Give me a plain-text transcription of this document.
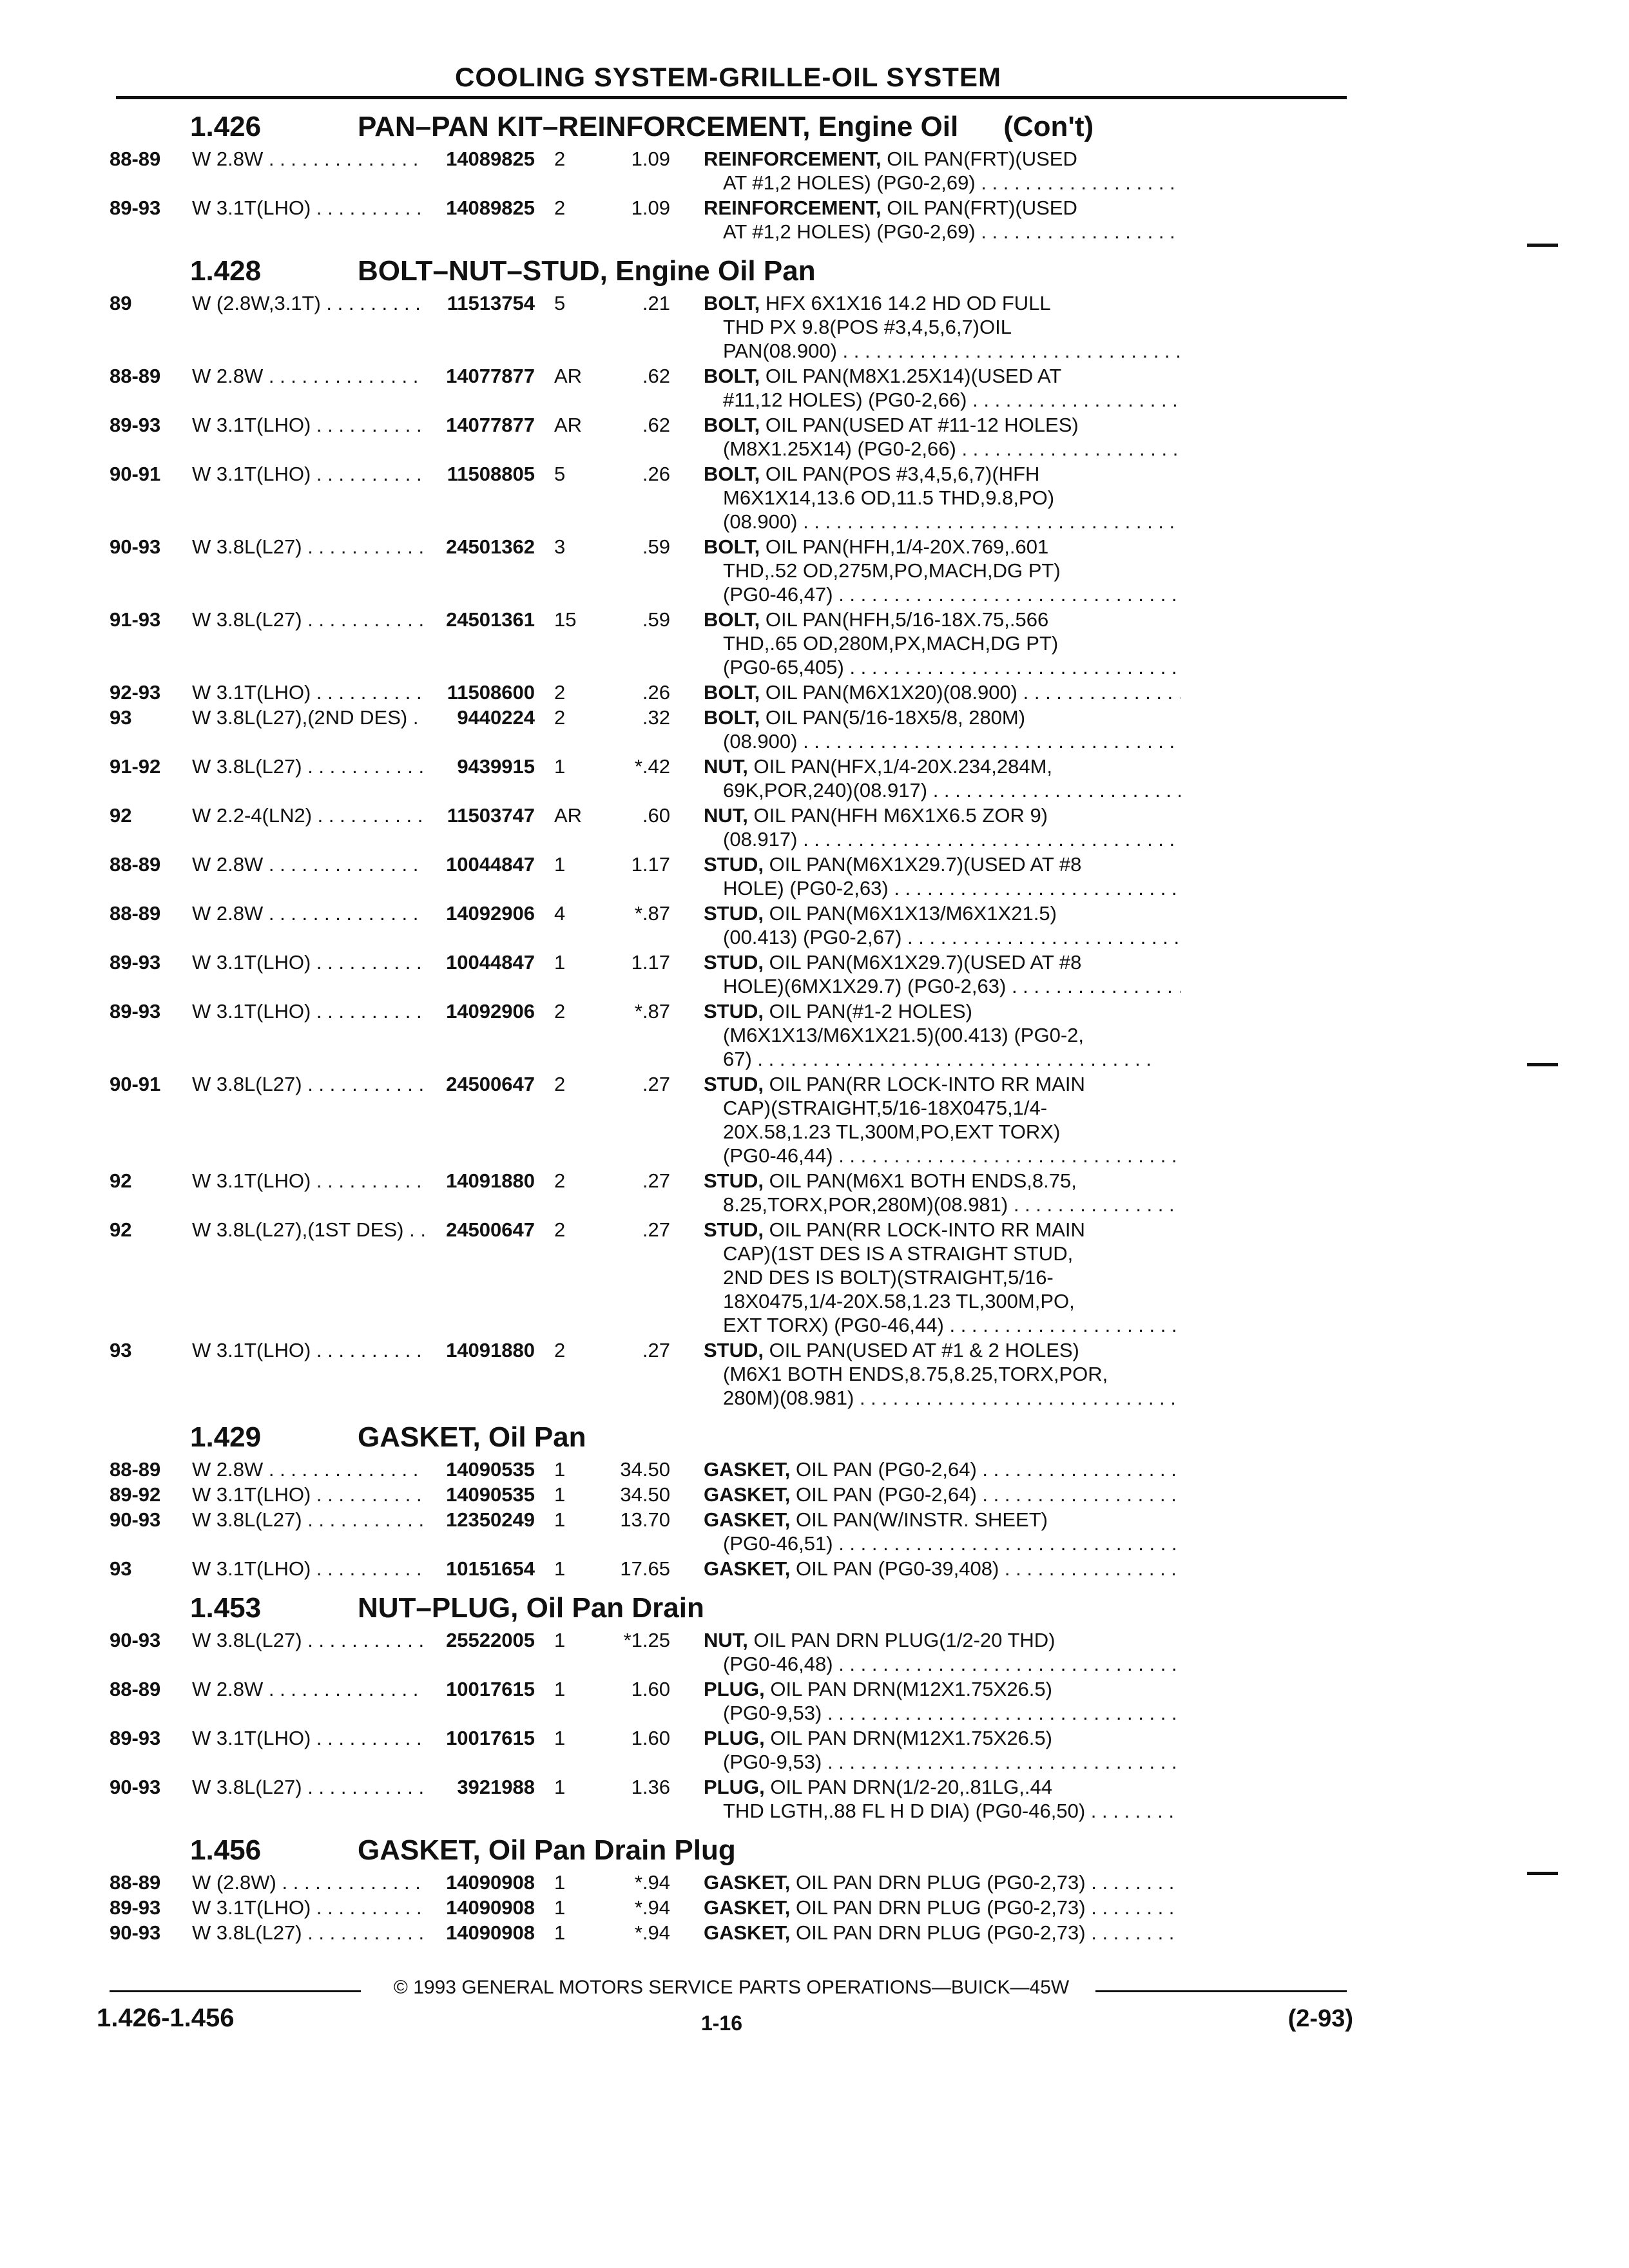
COOLING SYSTEM-GRILLE-OIL SYSTEM
1.426	PAN–PAN KIT–REINFORCEMENT, Engine Oil (Con't)
88-89	W 2.8W . . .	14089825 2	1.09 REINFORCEMENT, OIL PAN(FRT)(USED
AT #1,2 HOLES) (PG0-2,69) . . .
89-93	W 3.1T(LHO) . . .	14089825 2	1.09 REINFORCEMENT, OIL PAN(FRT)(USED
AT #1,2 HOLES) (PG0-2,69) . . .
1.428	BOLT–NUT–STUD, Engine Oil Pan
89	W (2.8W,3.1T) . . .	11513754 5	.21 BOLT, HFX 6X1X16 14.2 HD OD FULL
THD PX 9.8(POS #3,4,5,6,7)OIL
PAN(08.900) . . .
88-89	W 2.8W . . .	14077877 AR	.62 BOLT, OIL PAN(M8X1.25X14)(USED AT
#11,12 HOLES) (PG0-2,66) . . .
89-93	W 3.1T(LHO) . . .	14077877 AR	.62 BOLT, OIL PAN(USED AT #11-12 HOLES)
(M8X1.25X14) (PG0-2,66) . . .
90-91	W 3.1T(LHO) . . .	11508805 5	.26 BOLT, OIL PAN(POS #3,4,5,6,7)(HFH
M6X1X14,13.6 OD,11.5 THD,9.8,PO)
(08.900) . . .
90-93	W 3.8L(L27) . . .	24501362 3	.59 BOLT, OIL PAN(HFH,1/4-20X.769,.601
THD,.52 OD,275M,PO,MACH,DG PT)
(PG0-46,47) . . .
91-93	W 3.8L(L27) . . .	24501361 15	.59 BOLT, OIL PAN(HFH,5/16-18X.75,.566
THD,.65 OD,280M,PX,MACH,DG PT)
(PG0-65,405) . . .
92-93	W 3.1T(LHO) . . .	11508600 2	.26 BOLT, OIL PAN(M6X1X20)(08.900) . . .
93	W 3.8L(L27),(2ND DES) . . .	9440224 2	.32 BOLT, OIL PAN(5/16-18X5/8, 280M)
(08.900) . . .
91-92	W 3.8L(L27) . . .	9439915 1	*.42 NUT, OIL PAN(HFX,1/4-20X.234,284M,
69K,POR,240)(08.917) . . .
92	W 2.2-4(LN2) . . .	11503747 AR	.60 NUT, OIL PAN(HFH M6X1X6.5 ZOR 9)
(08.917) . . .
88-89	W 2.8W . . .	10044847 1	1.17 STUD, OIL PAN(M6X1X29.7)(USED AT #8
HOLE) (PG0-2,63) . . .
88-89	W 2.8W . . .	14092906 4	*.87 STUD, OIL PAN(M6X1X13/M6X1X21.5)
(00.413) (PG0-2,67) . . .
89-93	W 3.1T(LHO) . . .	10044847 1	1.17 STUD, OIL PAN(M6X1X29.7)(USED AT #8
HOLE)(6MX1X29.7) (PG0-2,63) . . .
89-93	W 3.1T(LHO) . . .	14092906 2	*.87 STUD, OIL PAN(#1-2 HOLES)
(M6X1X13/M6X1X21.5)(00.413) (PG0-2,
67) . . .
90-91	W 3.8L(L27) . . .	24500647 2	.27 STUD, OIL PAN(RR LOCK-INTO RR MAIN
CAP)(STRAIGHT,5/16-18X0475,1/4-
20X.58,1.23 TL,300M,PO,EXT TORX)
(PG0-46,44) . . .
92	W 3.1T(LHO) . . .	14091880 2	.27 STUD, OIL PAN(M6X1 BOTH ENDS,8.75,
8.25,TORX,POR,280M)(08.981) . . .
92	W 3.8L(L27),(1ST DES) . . .	24500647 2	.27 STUD, OIL PAN(RR LOCK-INTO RR MAIN
CAP)(1ST DES IS A STRAIGHT STUD,
2ND DES IS BOLT)(STRAIGHT,5/16-
18X0475,1/4-20X.58,1.23 TL,300M,PO,
EXT TORX) (PG0-46,44) . . .
93	W 3.1T(LHO) . . .	14091880 2	.27 STUD, OIL PAN(USED AT #1 & 2 HOLES)
(M6X1 BOTH ENDS,8.75,8.25,TORX,POR,
280M)(08.981) . . .
1.429	GASKET, Oil Pan
88-89	W 2.8W . . .	14090535 1	34.50 GASKET, OIL PAN (PG0-2,64) . . .
89-92	W 3.1T(LHO) . . .	14090535 1	34.50 GASKET, OIL PAN (PG0-2,64) . . .
90-93	W 3.8L(L27) . . .	12350249 1	13.70 GASKET, OIL PAN(W/INSTR. SHEET)
(PG0-46,51) . . .
93	W 3.1T(LHO) . . .	10151654 1	17.65 GASKET, OIL PAN (PG0-39,408) . . .
1.453	NUT–PLUG, Oil Pan Drain
90-93	W 3.8L(L27) . . .	25522005 1	*1.25 NUT, OIL PAN DRN PLUG(1/2-20 THD)
(PG0-46,48) . . .
88-89	W 2.8W . . .	10017615 1	1.60 PLUG, OIL PAN DRN(M12X1.75X26.5)
(PG0-9,53) . . .
89-93	W 3.1T(LHO) . . .	10017615 1	1.60 PLUG, OIL PAN DRN(M12X1.75X26.5)
(PG0-9,53) . . .
90-93	W 3.8L(L27) . . .	3921988 1	1.36 PLUG, OIL PAN DRN(1/2-20,.81LG,.44
THD LGTH,.88 FL H D DIA) (PG0-46,50) . . .
1.456	GASKET, Oil Pan Drain Plug
88-89	W (2.8W) . . .	14090908 1	*.94 GASKET, OIL PAN DRN PLUG (PG0-2,73) . . .
89-93	W 3.1T(LHO) . . .	14090908 1	*.94 GASKET, OIL PAN DRN PLUG (PG0-2,73) . . .
90-93	W 3.8L(L27) . . .	14090908 1	*.94 GASKET, OIL PAN DRN PLUG (PG0-2,73) . . .
© 1993 GENERAL MOTORS SERVICE PARTS OPERATIONS—BUICK—45W
1.426-1.456	1-16	(2-93)
